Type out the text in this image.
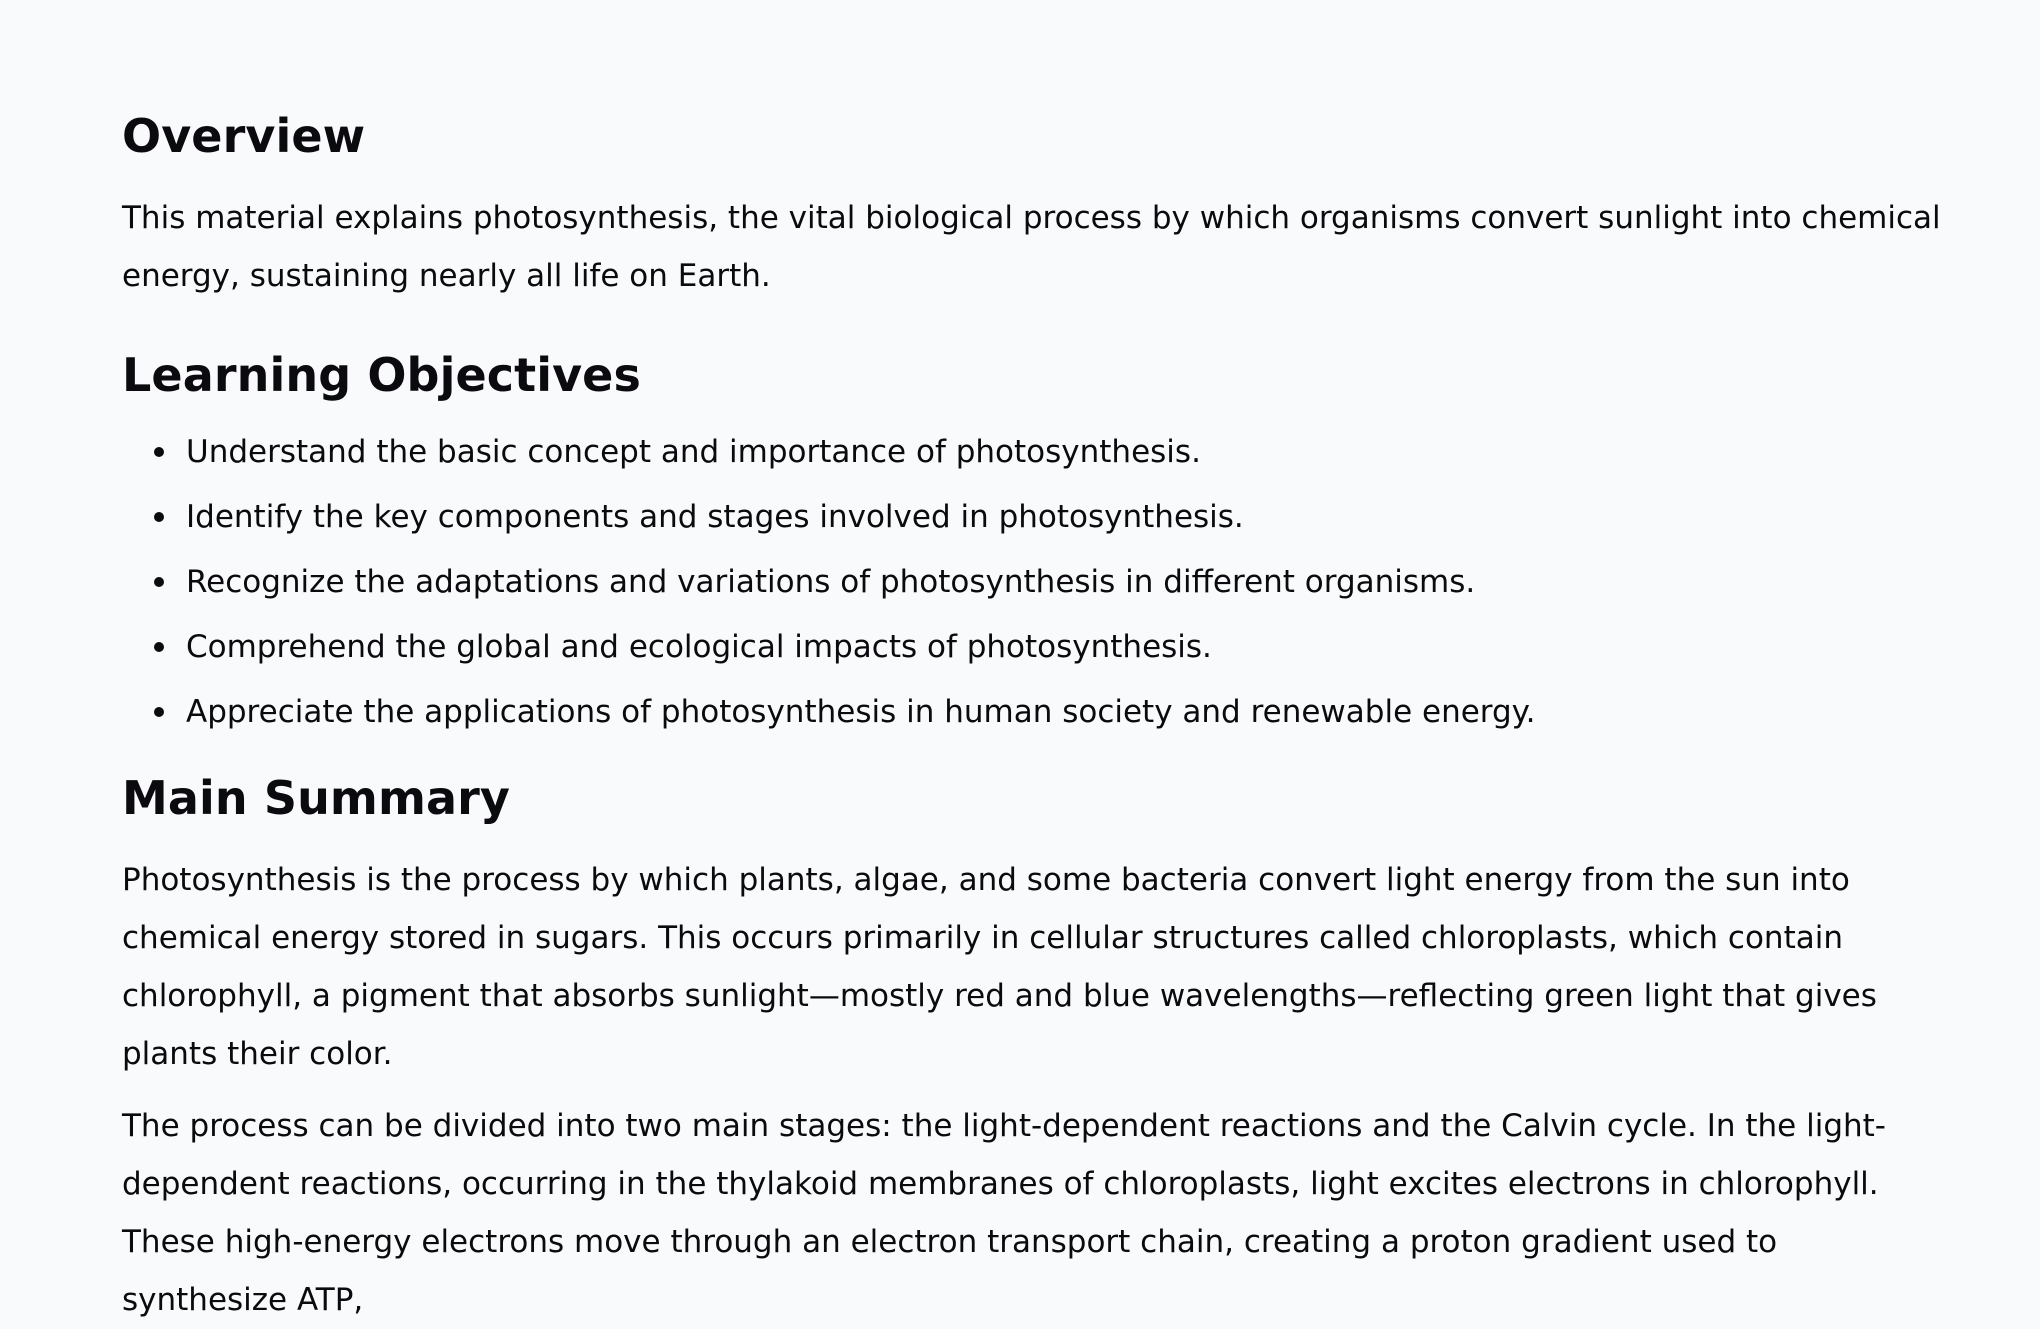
Overview

This material explains photosynthesis, the vital biological process by which organisms convert sunlight into chemical energy, sustaining nearly all life on Earth.

Learning Objectives
Understand the basic concept and importance of photosynthesis.
Identify the key components and stages involved in photosynthesis.
Recognize the adaptations and variations of photosynthesis in different organisms.
Comprehend the global and ecological impacts of photosynthesis.
Appreciate the applications of photosynthesis in human society and renewable energy.
Main Summary

Photosynthesis is the process by which plants, algae, and some bacteria convert light energy from the sun into chemical energy stored in sugars. This occurs primarily in cellular structures called chloroplasts, which contain chlorophyll, a pigment that absorbs sunlight—mostly red and blue wavelengths—reflecting green light that gives plants their color.

The process can be divided into two main stages: the light-dependent reactions and the Calvin cycle. In the light-dependent reactions, occurring in the thylakoid membranes of chloroplasts, light excites electrons in chlorophyll. These high-energy electrons move through an electron transport chain, creating a proton gradient used to synthesize ATP,
